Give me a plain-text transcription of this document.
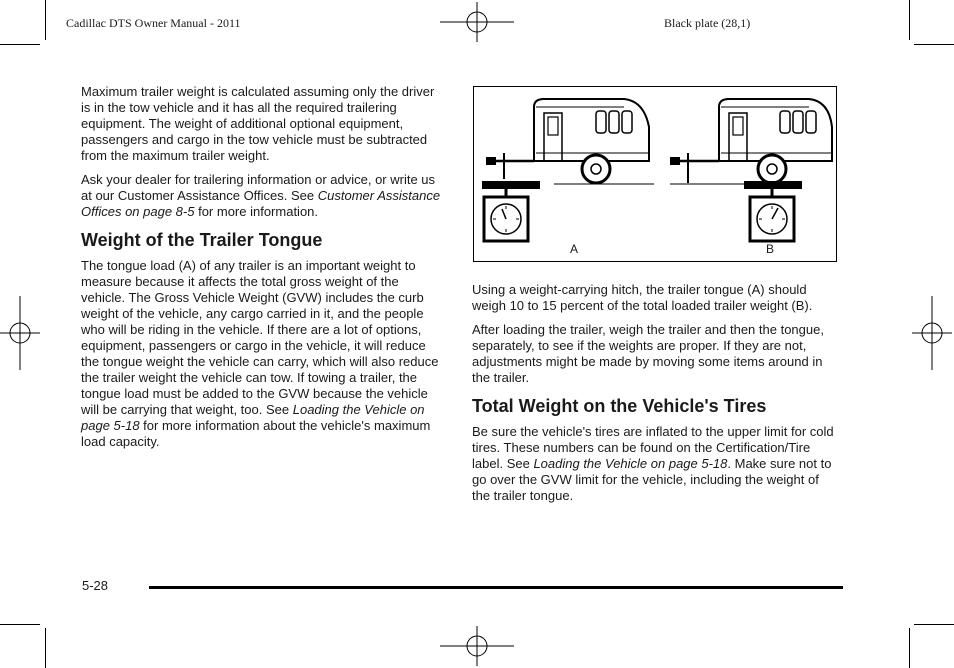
Cadillac DTS Owner Manual - 2011	Black plate (28,1)

Maximum trailer weight is calculated assuming only the driver is in the tow vehicle and it has all the required trailering equipment. The weight of additional optional equipment, passengers and cargo in the tow vehicle must be subtracted from the maximum trailer weight.

Ask your dealer for trailering information or advice, or write us at our Customer Assistance Offices. See Customer Assistance Offices on page 8-5 for more information.

Weight of the Trailer Tongue

The tongue load (A) of any trailer is an important weight to measure because it affects the total gross weight of the vehicle. The Gross Vehicle Weight (GVW) includes the curb weight of the vehicle, any cargo carried in it, and the people who will be riding in the vehicle. If there are a lot of options, equipment, passengers or cargo in the vehicle, it will reduce the tongue weight the vehicle can carry, which will also reduce the trailer weight the vehicle can tow. If towing a trailer, the tongue load must be added to the GVW because the vehicle will be carrying that weight, too. See Loading the Vehicle on page 5-18 for more information about the vehicle's maximum load capacity.

A	B

Using a weight-carrying hitch, the trailer tongue (A) should weigh 10 to 15 percent of the total loaded trailer weight (B).

After loading the trailer, weigh the trailer and then the tongue, separately, to see if the weights are proper. If they are not, adjustments might be made by moving some items around in the trailer.

Total Weight on the Vehicle's Tires

Be sure the vehicle's tires are inflated to the upper limit for cold tires. These numbers can be found on the Certification/Tire label. See Loading the Vehicle on page 5-18. Make sure not to go over the GVW limit for the vehicle, including the weight of the trailer tongue.

5-28
